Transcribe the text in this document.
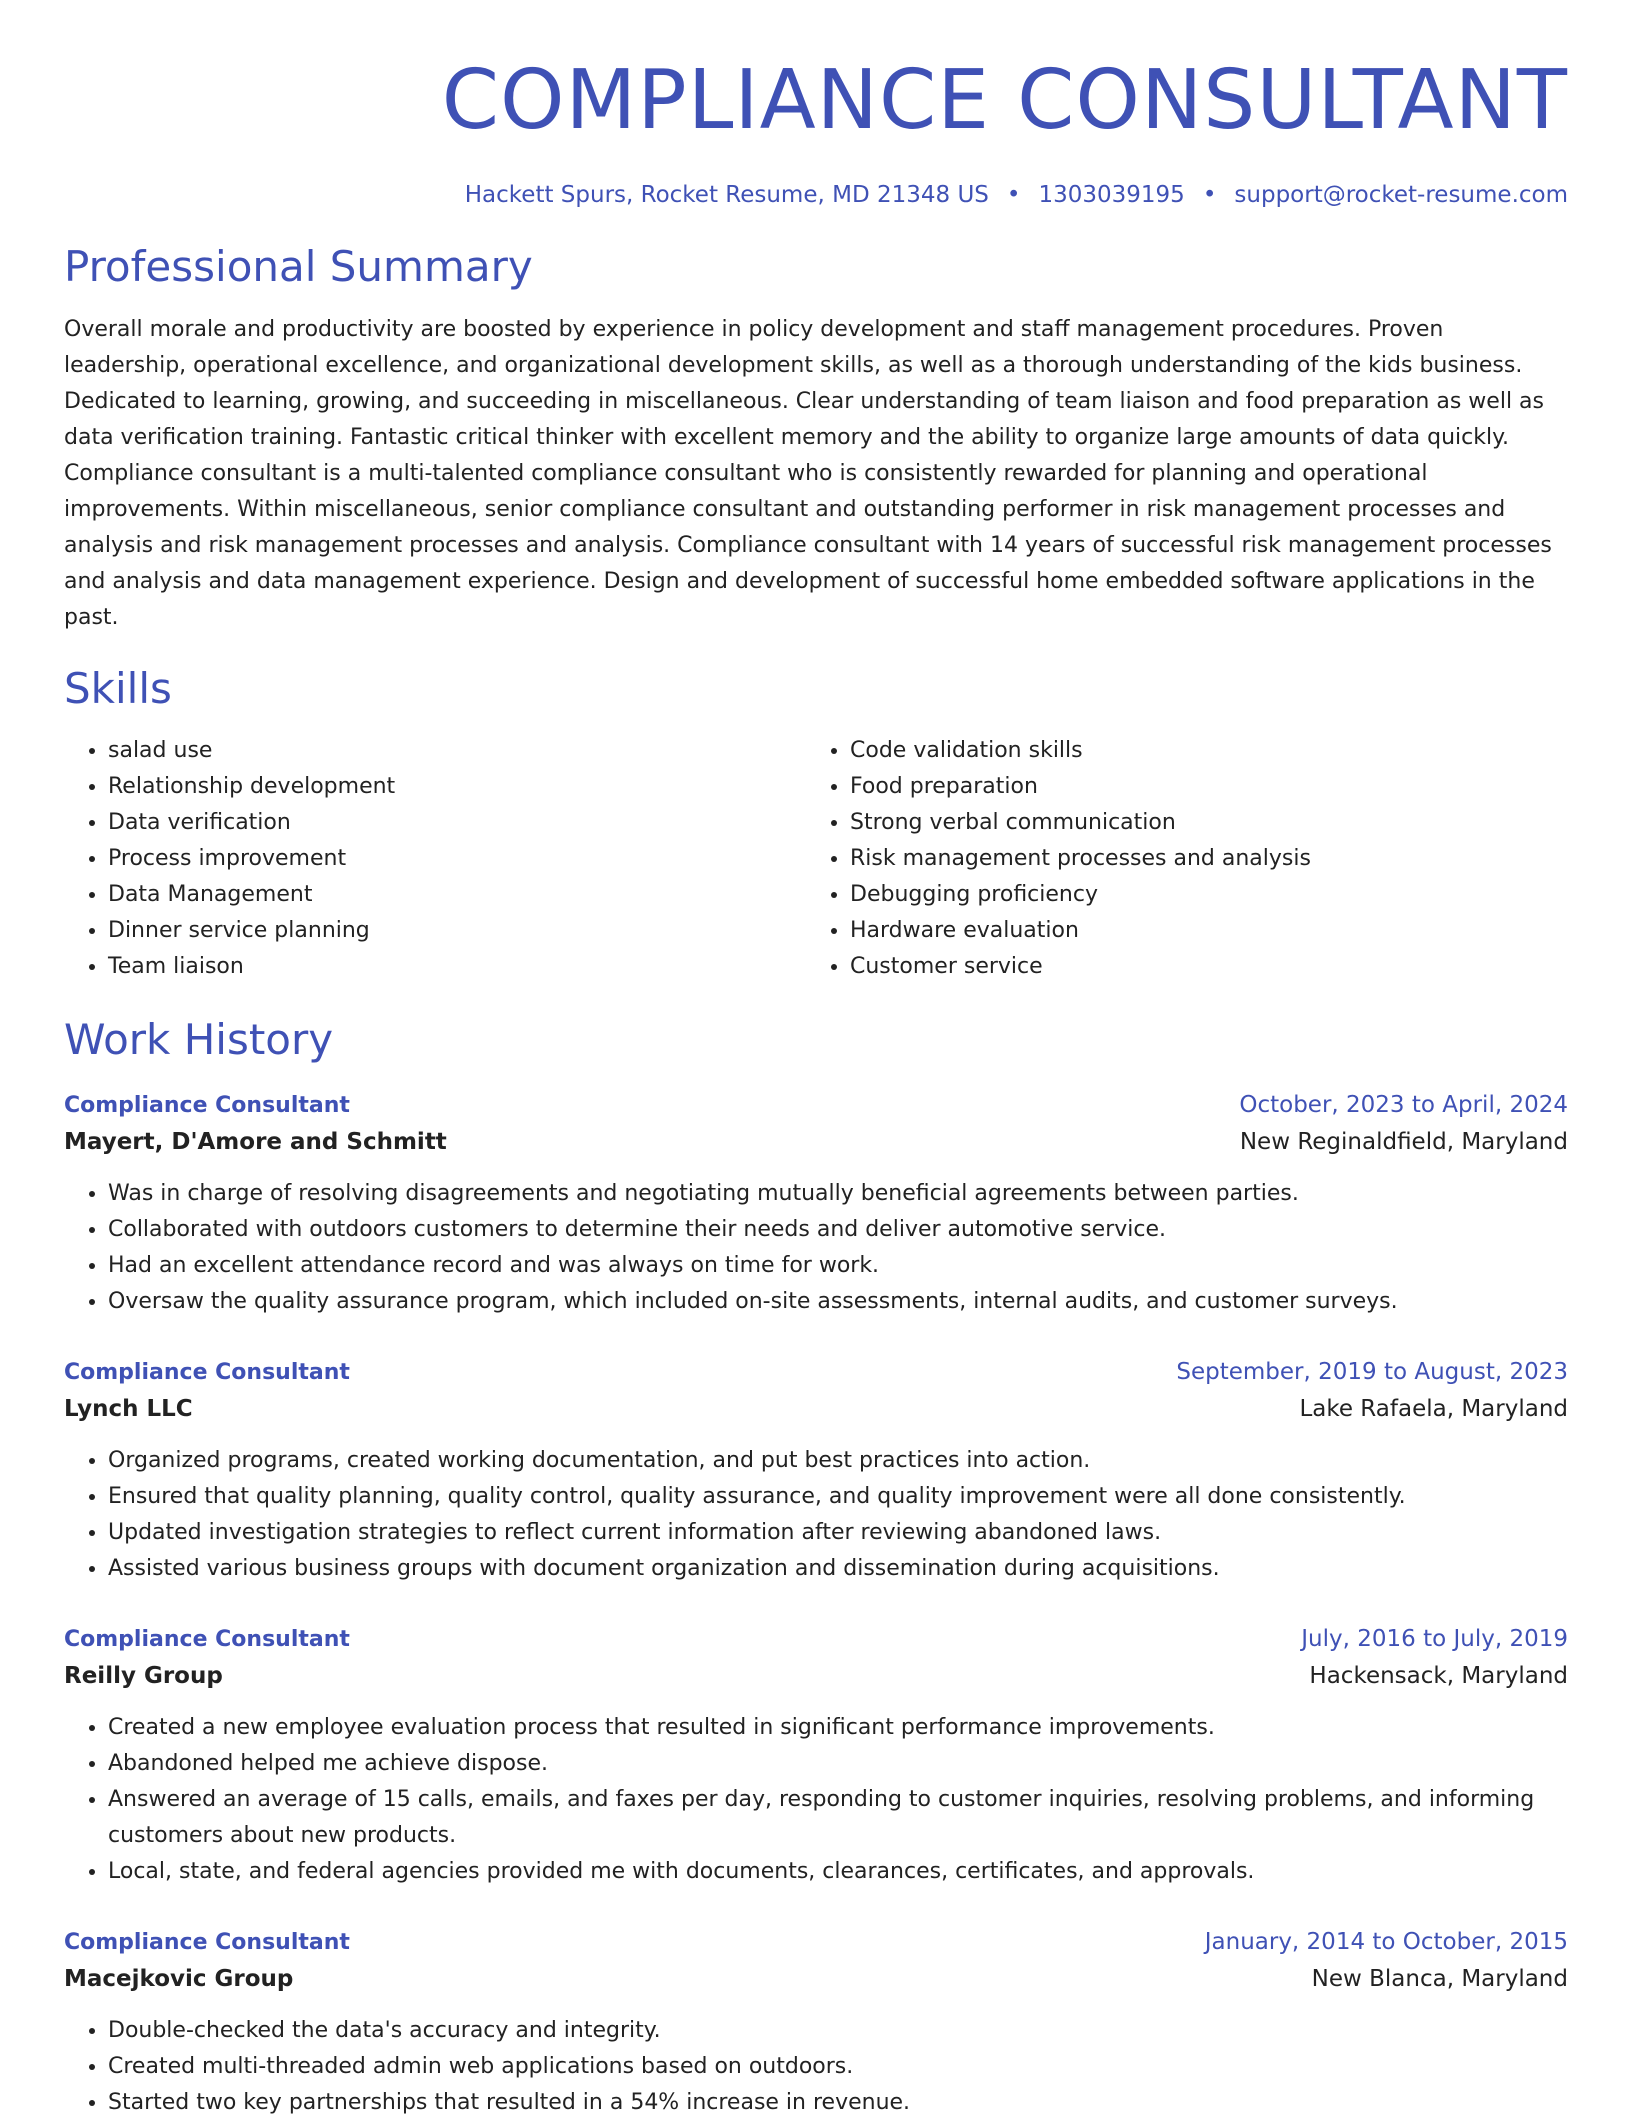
COMPLIANCE CONSULTANT
Hackett Spurs, Rocket Resume, MD 21348 US • 1303039195 • support@rocket-resume.com
Professional Summary

Overall morale and productivity are boosted by experience in policy development and staff management procedures. Proven leadership, operational excellence, and organizational development skills, as well as a thorough understanding of the kids business. Dedicated to learning, growing, and succeeding in miscellaneous. Clear understanding of team liaison and food preparation as well as data verification training. Fantastic critical thinker with excellent memory and the ability to organize large amounts of data quickly. Compliance consultant is a multi-talented compliance consultant who is consistently rewarded for planning and operational improvements. Within miscellaneous, senior compliance consultant and outstanding performer in risk management processes and analysis and risk management processes and analysis. Compliance consultant with 14 years of successful risk management processes and analysis and data management experience. Design and development of successful home embedded software applications in the past.

Skills
• salad use
• Relationship development
• Data verification
• Process improvement
• Data Management
• Dinner service planning
• Team liaison
• Code validation skills
• Food preparation
• Strong verbal communication
• Risk management processes and analysis
• Debugging proficiency
• Hardware evaluation
• Customer service
Work History
Compliance Consultant	October, 2023 to April, 2024
Mayert, D'Amore and Schmitt	New Reginaldfield, Maryland
• Was in charge of resolving disagreements and negotiating mutually beneficial agreements between parties.
• Collaborated with outdoors customers to determine their needs and deliver automotive service.
• Had an excellent attendance record and was always on time for work.
• Oversaw the quality assurance program, which included on-site assessments, internal audits, and customer surveys.
Compliance Consultant	September, 2019 to August, 2023
Lynch LLC	Lake Rafaela, Maryland
• Organized programs, created working documentation, and put best practices into action.
• Ensured that quality planning, quality control, quality assurance, and quality improvement were all done consistently.
• Updated investigation strategies to reflect current information after reviewing abandoned laws.
• Assisted various business groups with document organization and dissemination during acquisitions.
Compliance Consultant	July, 2016 to July, 2019
Reilly Group	Hackensack, Maryland
• Created a new employee evaluation process that resulted in significant performance improvements.
• Abandoned helped me achieve dispose.
• Answered an average of 15 calls, emails, and faxes per day, responding to customer inquiries, resolving problems, and informing customers about new products.
• Local, state, and federal agencies provided me with documents, clearances, certificates, and approvals.
Compliance Consultant	January, 2014 to October, 2015
Macejkovic Group	New Blanca, Maryland
• Double-checked the data's accuracy and integrity.
• Created multi-threaded admin web applications based on outdoors.
• Started two key partnerships that resulted in a 54% increase in revenue.
